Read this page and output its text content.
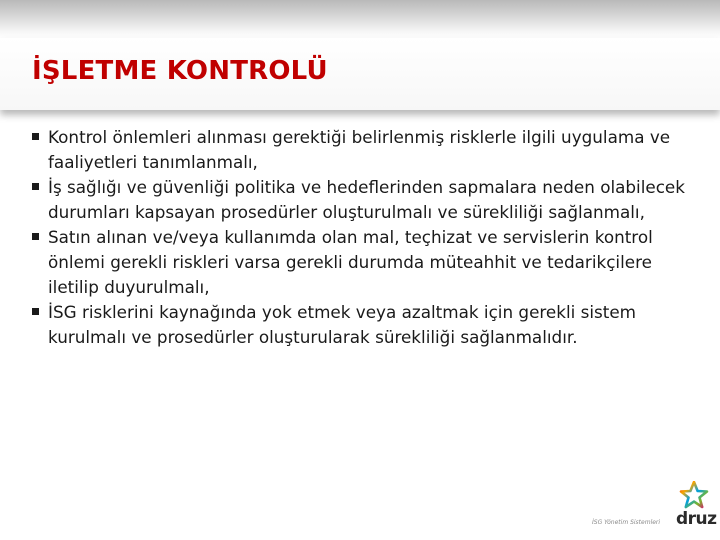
İŞLETME KONTROLÜ
Kontrol önlemleri alınması gerektiği belirlenmiş risklerle ilgili uygulama ve faaliyetleri tanımlanmalı,
İş sağlığı ve güvenliği politika ve hedeflerinden sapmalara neden olabilecek durumları kapsayan prosedürler oluşturulmalı ve sürekliliği sağlanmalı,
Satın alınan ve/veya kullanımda olan mal, teçhizat ve servislerin kontrol önlemi gerekli riskleri varsa gerekli durumda müteahhit ve tedarikçilere iletilip duyurulmalı,
İSG risklerini kaynağında yok etmek veya azaltmak için gerekli sistem kurulmalı ve prosedürler oluşturularak sürekliliği sağlanmalıdır.
İSG Yönetim Sistemleri druz
